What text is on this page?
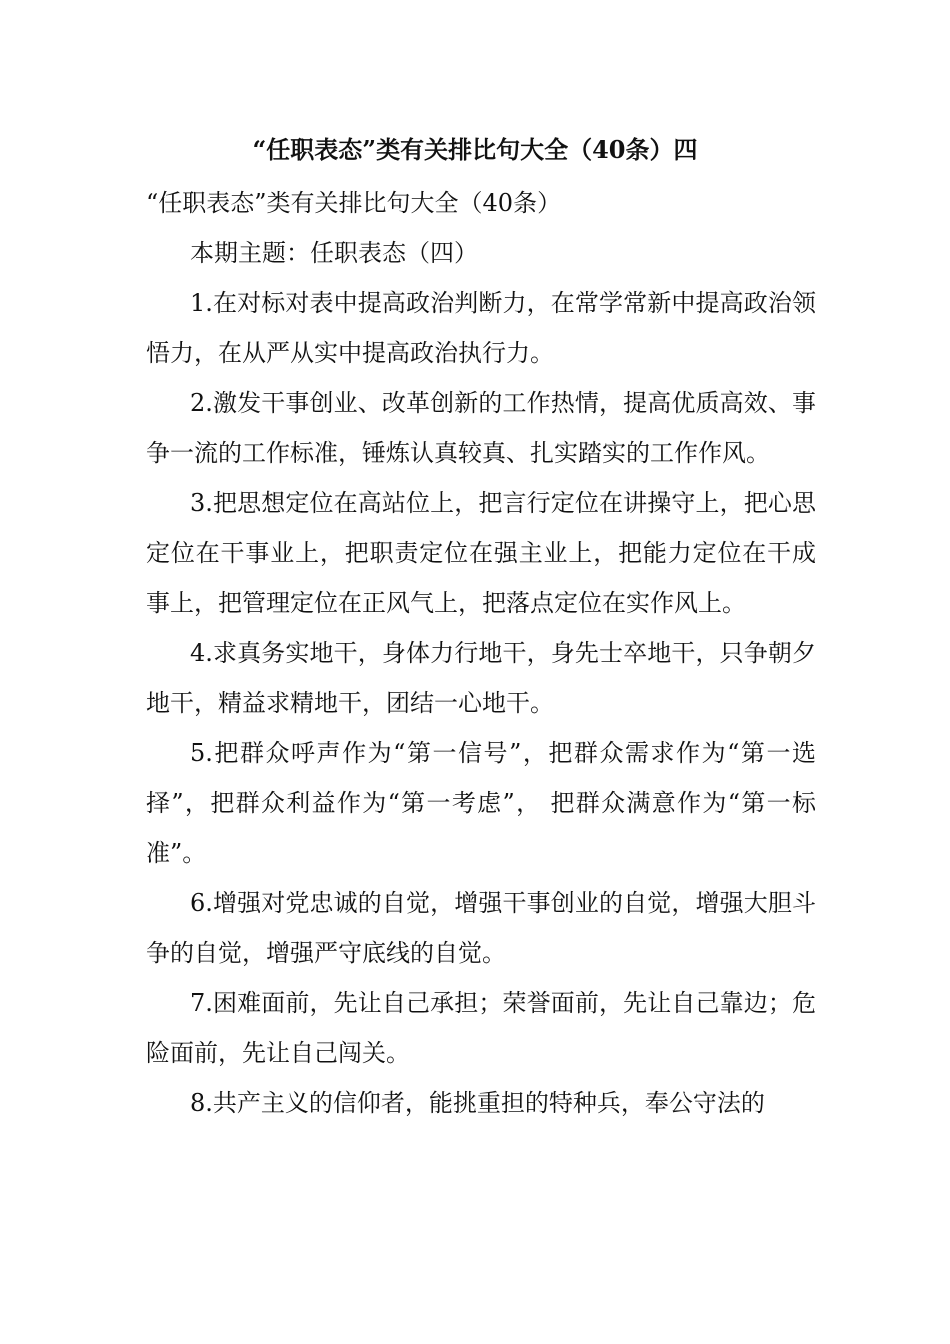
“任职表态”类有关排比句大全（40条）四

“任职表态”类有关排比句大全（40条）

本期主题：任职表态（四）

1.在对标对表中提高政治判断力，在常学常新中提高政治领悟力，在从严从实中提高政治执行力。

2.激发干事创业、改革创新的工作热情，提高优质高效、事争一流的工作标准，锤炼认真较真、扎实踏实的工作作风。

3.把思想定位在高站位上，把言行定位在讲操守上，把心思定位在干事业上，把职责定位在强主业上，把能力定位在干成事上，把管理定位在正风气上，把落点定位在实作风上。

4.求真务实地干，身体力行地干，身先士卒地干，只争朝夕地干，精益求精地干，团结一心地干。

5.把群众呼声作为“第一信号”，把群众需求作为“第一选择”，把群众利益作为“第一考虑”， 把群众满意作为“第一标准”。

6.增强对党忠诚的自觉，增强干事创业的自觉，增强大胆斗争的自觉，增强严守底线的自觉。

7.困难面前，先让自己承担；荣誉面前，先让自己靠边；危险面前，先让自己闯关。

8.共产主义的信仰者，能挑重担的特种兵，奉公守法的
